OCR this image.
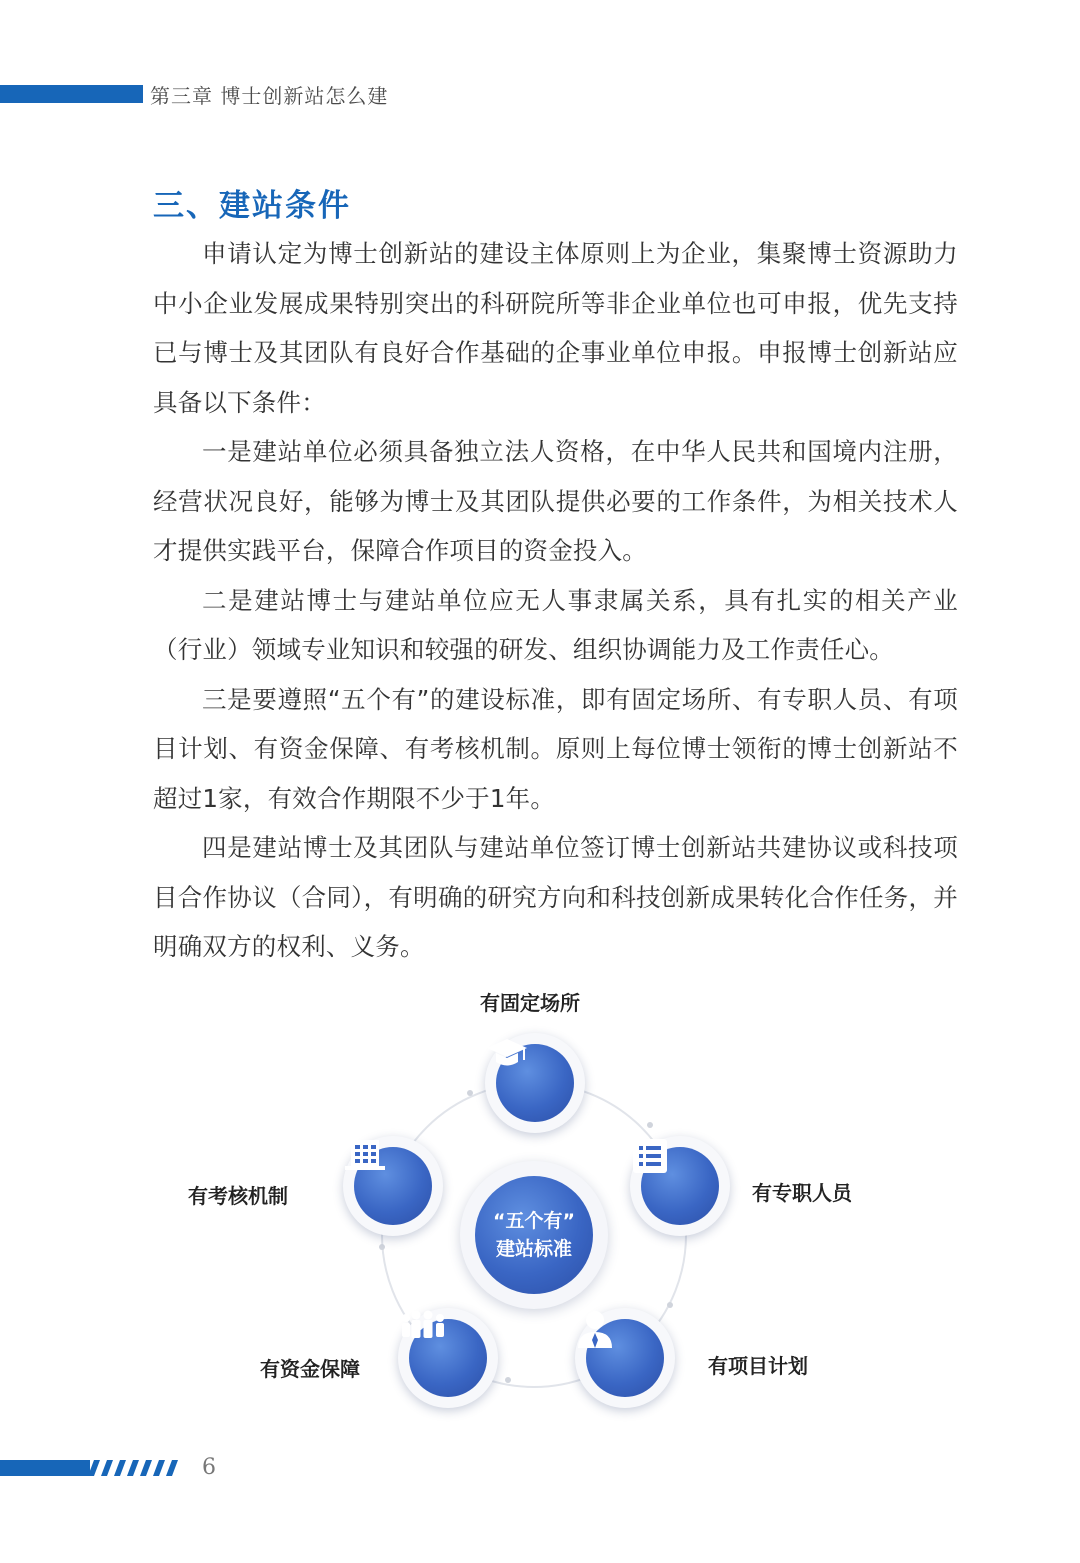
第三章 博士创新站怎么建
三、建站条件

申请认定为博士创新站的建设主体原则上为企业，集聚博士资源助力中小企业发展成果特别突出的科研院所等非企业单位也可申报，优先支持已与博士及其团队有良好合作基础的企事业单位申报。申报博士创新站应具备以下条件：

一是建站单位必须具备独立法人资格，在中华人民共和国境内注册，经营状况良好，能够为博士及其团队提供必要的工作条件，为相关技术人才提供实践平台，保障合作项目的资金投入。

二是建站博士与建站单位应无人事隶属关系，具有扎实的相关产业（行业）领域专业知识和较强的研发、组织协调能力及工作责任心。

三是要遵照“五个有”的建设标准，即有固定场所、有专职人员、有项目计划、有资金保障、有考核机制。原则上每位博士领衔的博士创新站不超过1家，有效合作期限不少于1年。

四是建站博士及其团队与建站单位签订博士创新站共建协议或科技项目合作协议（合同），有明确的研究方向和科技创新成果转化合作任务，并明确双方的权利、义务。

“五个有”
建站标准
有固定场所
有专职人员
有项目计划
有资金保障
有考核机制
6
